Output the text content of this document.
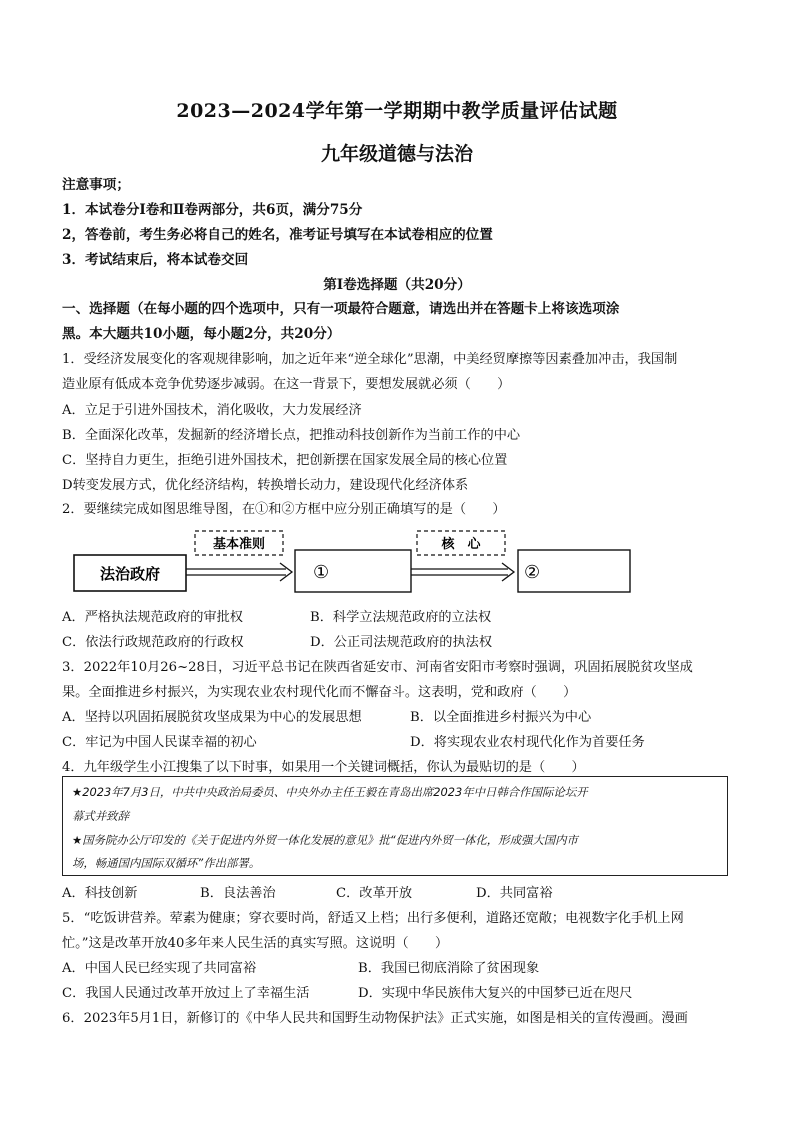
2023—2024学年第一学期期中教学质量评估试题
九年级道德与法治
注意事项；
1．本试卷分Ⅰ卷和Ⅱ卷两部分，共6页，满分75分
2，答卷前，考生务必将自己的姓名，准考证号填写在本试卷相应的位置
3．考试结束后，将本试卷交回
第Ⅰ卷选择题（共20分）
一、选择题（在每小题的四个选项中，只有一项最符合题意，请选出并在答题卡上将该选项涂
黑。本大题共10小题，每小题2分，共20分）
1．受经济发展变化的客观规律影响，加之近年来“逆全球化”思潮，中美经贸摩擦等因素叠加冲击，我国制
造业原有低成本竞争优势逐步减弱。在这一背景下，要想发展就必须（　　）
A．立足于引进外国技术，消化吸收，大力发展经济
B．全面深化改革，发掘新的经济增长点，把推动科技创新作为当前工作的中心
C．坚持自力更生，拒绝引进外国技术，把创新摆在国家发展全局的核心位置
D转变发展方式，优化经济结构，转换增长动力，建设现代化经济体系
2．要继续完成如图思维导图，在①和②方框中应分别正确填写的是（　　）
法治政府
基本准则
①
核　心
②
A．严格执法规范政府的审批权	B．科学立法规范政府的立法权
C．依法行政规范政府的行政权	D．公正司法规范政府的执法权
3．2022年10月26~28日，习近平总书记在陕西省延安市、河南省安阳市考察时强调，巩固拓展脱贫攻坚成
果。全面推进乡村振兴，为实现农业农村现代化而不懈奋斗。这表明，党和政府（　　）
A．坚持以巩固拓展脱贫攻坚成果为中心的发展思想	B．以全面推进乡村振兴为中心
C．牢记为中国人民谋幸福的初心	D．将实现农业农村现代化作为首要任务
4．九年级学生小江搜集了以下时事，如果用一个关键词概括，你认为最贴切的是（　　）
★2023年7月3日，中共中央政治局委员、中央外办主任王毅在青岛出席2023年中日韩合作国际论坛开
幕式并致辞
★国务院办公厅印发的《关于促进内外贸一体化发展的意见》批“促进内外贸一体化，形成强大国内市
场，畅通国内国际双循环”作出部署。
A．科技创新	B．良法善治	C．改革开放	D．共同富裕
5．“吃饭讲营养。荤素为健康；穿衣要时尚，舒适又上档；出行多便利，道路还宽敞；电视数字化手机上网
忙。”这是改革开放40多年来人民生活的真实写照。这说明（　　）
A．中国人民已经实现了共同富裕	B．我国已彻底消除了贫困现象
C．我国人民通过改革开放过上了幸福生活	D．实现中华民族伟大复兴的中国梦已近在咫尺
6．2023年5月1日，新修订的《中华人民共和国野生动物保护法》正式实施，如图是相关的宣传漫画。漫画
